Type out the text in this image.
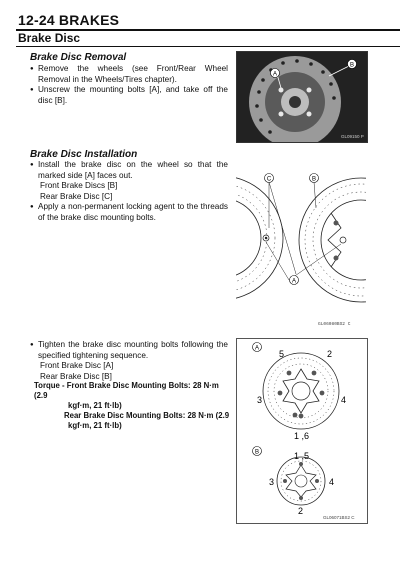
12-24 BRAKES
Brake Disc
Brake Disc Removal

● Remove the wheels (see Front/Rear Wheel Removal in the Wheels/Tires chapter).

● Unscrew the mounting bolts [A], and take off the disc [B].

A
B
GL09150 P
Brake Disc Installation

● Install the brake disc on the wheel so that the marked side [A] faces out.

Front Brake Discs [B]

Rear Brake Disc [C]

● Apply a non-permanent locking agent to the threads of the brake disc mounting bolts.

C	B
A
GL06080BS2 C

● Tighten the brake disc mounting bolts following the specified tightening sequence.

Front Brake Disc [A]

Rear Brake Disc [B]

Torque - Front Brake Disc Mounting Bolts: 28 N·m (2.9
kgf·m, 21 ft·lb)
Rear Brake Disc Mounting Bolts: 28 N·m (2.9
kgf·m, 21 ft·lb)
A
5	2
3	4
1 ,6
B	1 ,5
3	4
2
GL06071BS2 C
